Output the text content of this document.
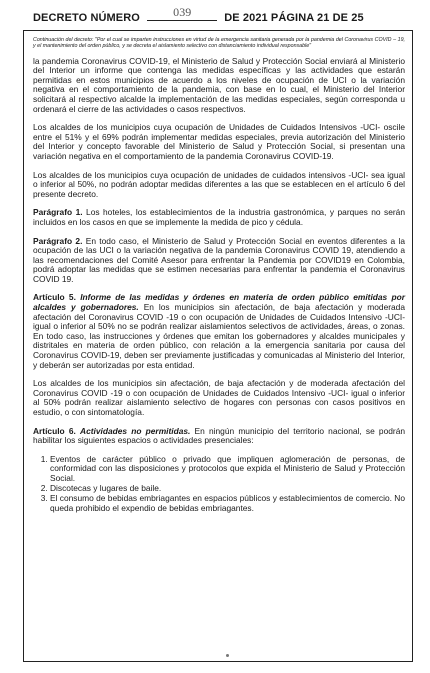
DECRETO NÚMERO	039	DE 2021 PÁGINA 21 DE 25
Continuación del decreto: "Por el cual se imparten instrucciones en virtud de la emergencia sanitaria generada por la pandemia del Coronavirus COVID – 19, y el mantenimiento del orden público, y se decreta el aislamiento selectivo con distanciamiento individual responsable"

la pandemia Coronavirus COVID-19, el Ministerio de Salud y Protección Social enviará al Ministerio del Interior un informe que contenga las medidas específicas y las actividades que estarán permitidas en estos municipios de acuerdo a los niveles de ocupación de UCI o la variación negativa en el comportamiento de la pandemia, con base en lo cual, el Ministerio del Interior solicitará al respectivo alcalde la implementación de las medidas especiales, según corresponda u ordenará el cierre de las actividades o casos respectivos.

Los alcaldes de los municipios cuya ocupación de Unidades de Cuidados Intensivos -UCI- oscile entre el 51% y el 69% podrán implementar medidas especiales, previa autorización del Ministerio del Interior y concepto favorable del Ministerio de Salud y Protección Social, si presentan una variación negativa en el comportamiento de la pandemia Coronavirus COVID-19.

Los alcaldes de los municipios cuya ocupación de unidades de cuidados intensivos -UCI- sea igual o inferior al 50%, no podrán adoptar medidas diferentes a las que se establecen en el artículo 6 del presente decreto.

Parágrafo 1. Los hoteles, los establecimientos de la industria gastronómica, y parques no serán incluidos en los casos en que se implemente la medida de pico y cédula.

Parágrafo 2. En todo caso, el Ministerio de Salud y Protección Social en eventos diferentes a la ocupación de las UCI o la variación negativa de la pandemia Coronavirus COVID 19, atendiendo a las recomendaciones del Comité Asesor para enfrentar la Pandemia por COVID19 en Colombia, podrá adoptar las medidas que se estimen necesarias para enfrentar la pandemia el Coronavirus COVID 19.

Artículo 5. Informe de las medidas y órdenes en materia de orden público emitidas por alcaldes y gobernadores. En los municipios sin afectación, de baja afectación y moderada afectación del Coronavirus COVID -19 o con ocupación de Unidades de Cuidados Intensivo -UCI- igual o inferior al 50% no se podrán realizar aislamientos selectivos de actividades, áreas, o zonas. En todo caso, las instrucciones y órdenes que emitan los gobernadores y alcaldes municipales y distritales en materia de orden público, con relación a la emergencia sanitaria por causa del Coronavirus COVID-19, deben ser previamente justificadas y comunicadas al Ministerio del Interior, y deberán ser autorizadas por esta entidad.

Los alcaldes de los municipios sin afectación, de baja afectación y de moderada afectación del Coronavirus COVID -19 o con ocupación de Unidades de Cuidados Intensivo -UCI- igual o inferior al 50% podrán realizar aislamiento selectivo de hogares con personas con casos positivos en estudio, o con sintomatología.

Artículo 6. Actividades no permitidas. En ningún municipio del territorio nacional, se podrán habilitar los siguientes espacios o actividades presenciales:

1. Eventos de carácter público o privado que impliquen aglomeración de personas, de conformidad con las disposiciones y protocolos que expida el Ministerio de Salud y Protección Social.
2. Discotecas y lugares de baile.
3. El consumo de bebidas embriagantes en espacios públicos y establecimientos de comercio. No queda prohibido el expendio de bebidas embriagantes.
